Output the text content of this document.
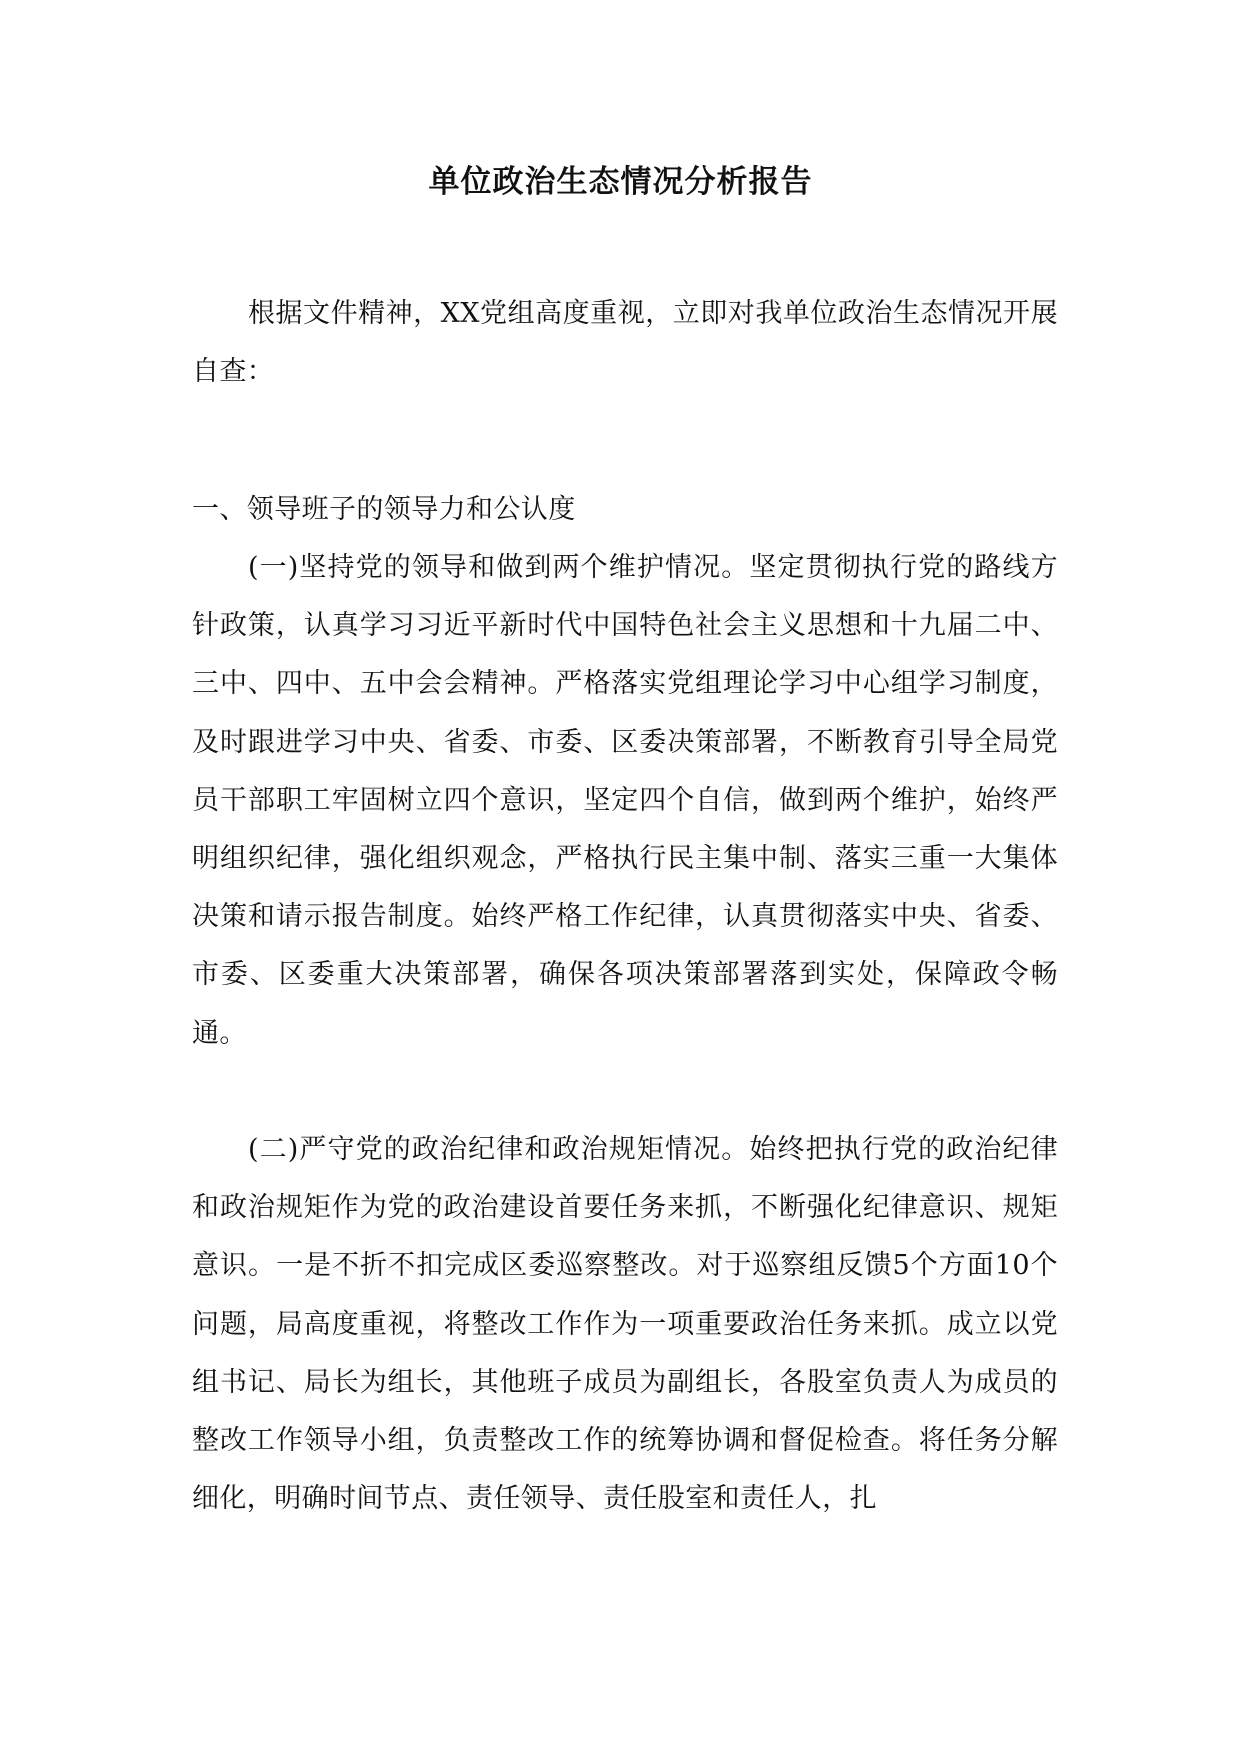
单位政治生态情况分析报告

根据文件精神，XX党组高度重视，立即对我单位政治生态情况开展自查：

一、领导班子的领导力和公认度

(一)坚持党的领导和做到两个维护情况。坚定贯彻执行党的路线方针政策，认真学习习近平新时代中国特色社会主义思想和十九届二中、三中、四中、五中会会精神。严格落实党组理论学习中心组学习制度，及时跟进学习中央、省委、市委、区委决策部署，不断教育引导全局党员干部职工牢固树立四个意识，坚定四个自信，做到两个维护，始终严明组织纪律，强化组织观念，严格执行民主集中制、落实三重一大集体决策和请示报告制度。始终严格工作纪律，认真贯彻落实中央、省委、市委、区委重大决策部署，确保各项决策部署落到实处，保障政令畅通。

(二)严守党的政治纪律和政治规矩情况。始终把执行党的政治纪律和政治规矩作为党的政治建设首要任务来抓，不断强化纪律意识、规矩意识。一是不折不扣完成区委巡察整改。对于巡察组反馈5个方面10个问题，局高度重视，将整改工作作为一项重要政治任务来抓。成立以党组书记、局长为组长，其他班子成员为副组长，各股室负责人为成员的整改工作领导小组，负责整改工作的统筹协调和督促检查。将任务分解细化，明确时间节点、责任领导、责任股室和责任人，扎
